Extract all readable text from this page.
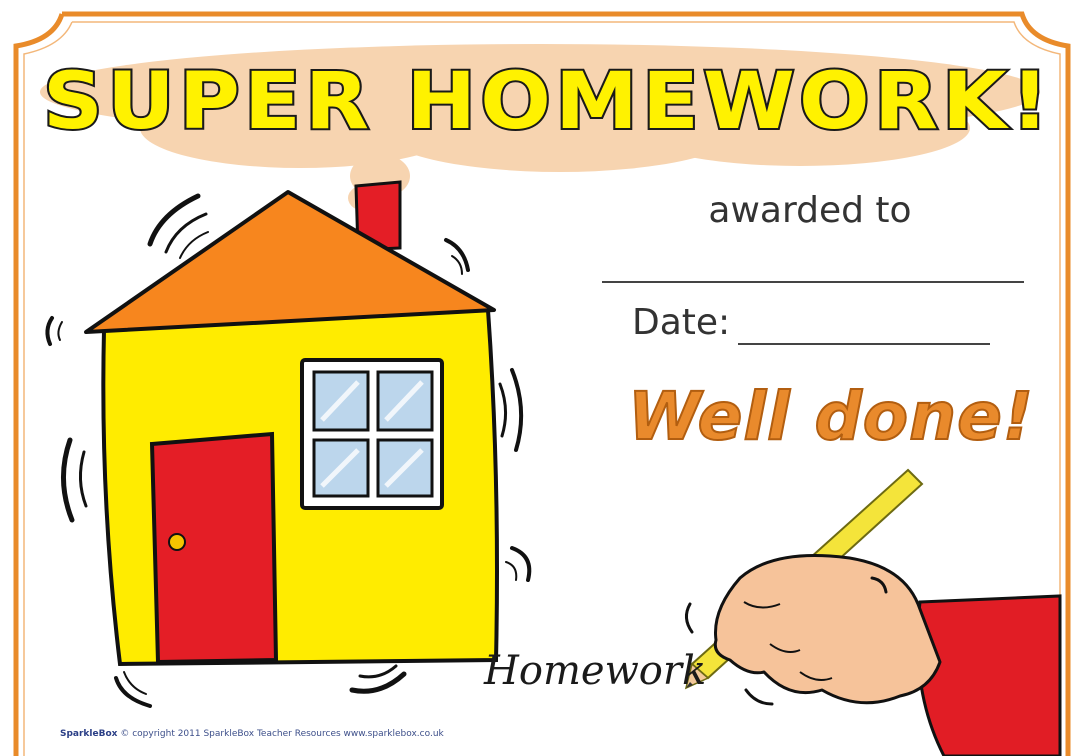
SUPER HOMEWORK!
awarded to
Date:
Well done!
Homework
SparkleBox © copyright 2011 SparkleBox Teacher Resources www.sparklebox.co.uk
